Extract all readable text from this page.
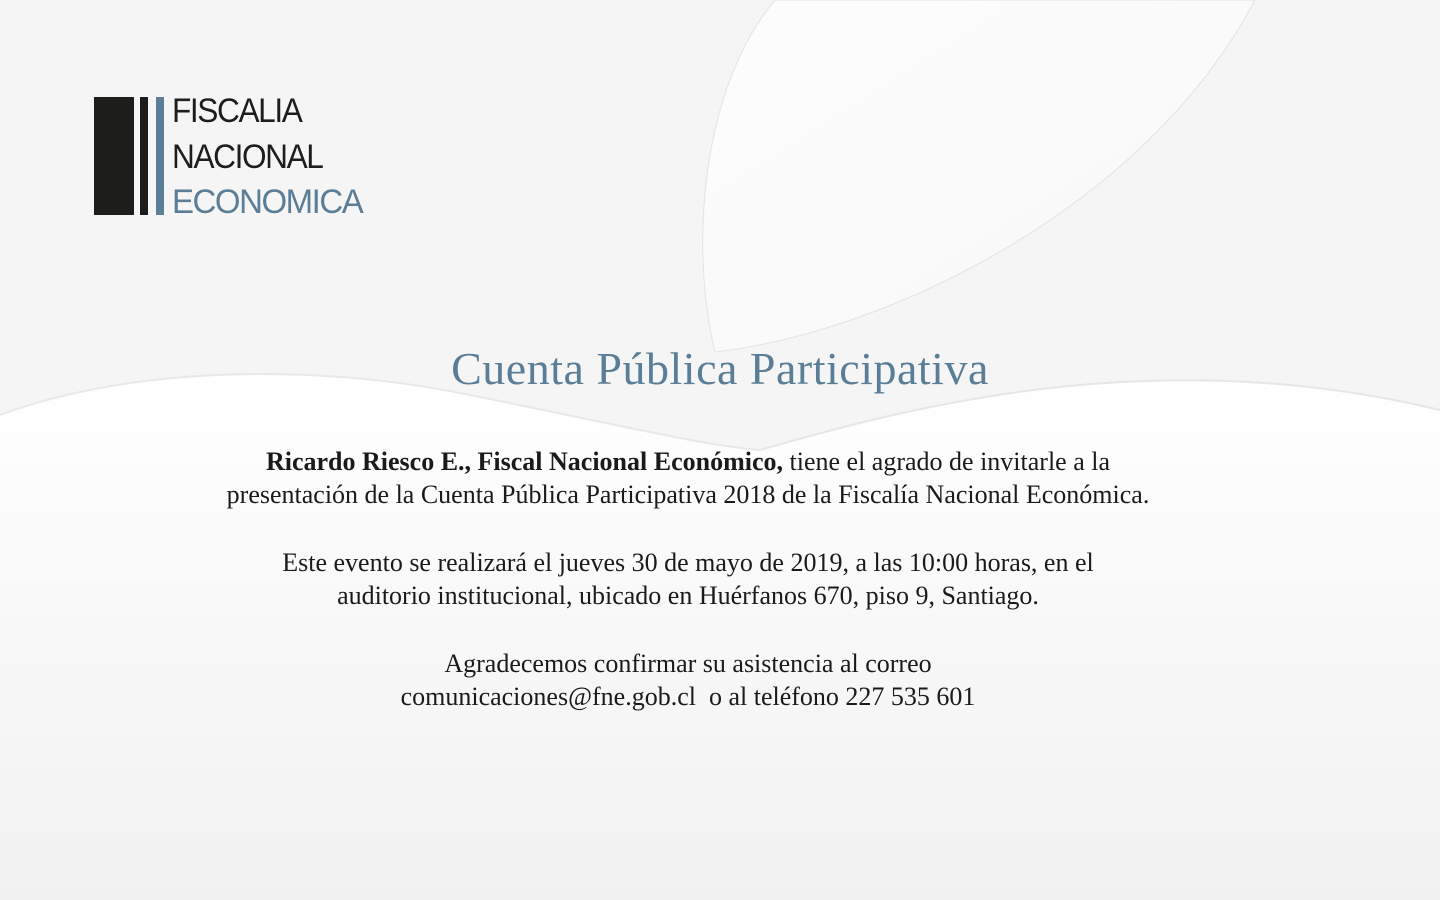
FISCALIA
NACIONAL
ECONOMICA
Cuenta Pública Participativa
Ricardo Riesco E., Fiscal Nacional Económico, tiene el agrado de invitarle a la
presentación de la Cuenta Pública Participativa 2018 de la Fiscalía Nacional Económica.
Este evento se realizará el jueves 30 de mayo de 2019, a las 10:00 horas, en el
auditorio institucional, ubicado en Huérfanos 670, piso 9, Santiago.
Agradecemos confirmar su asistencia al correo
comunicaciones@fne.gob.cl  o al teléfono 227 535 601
